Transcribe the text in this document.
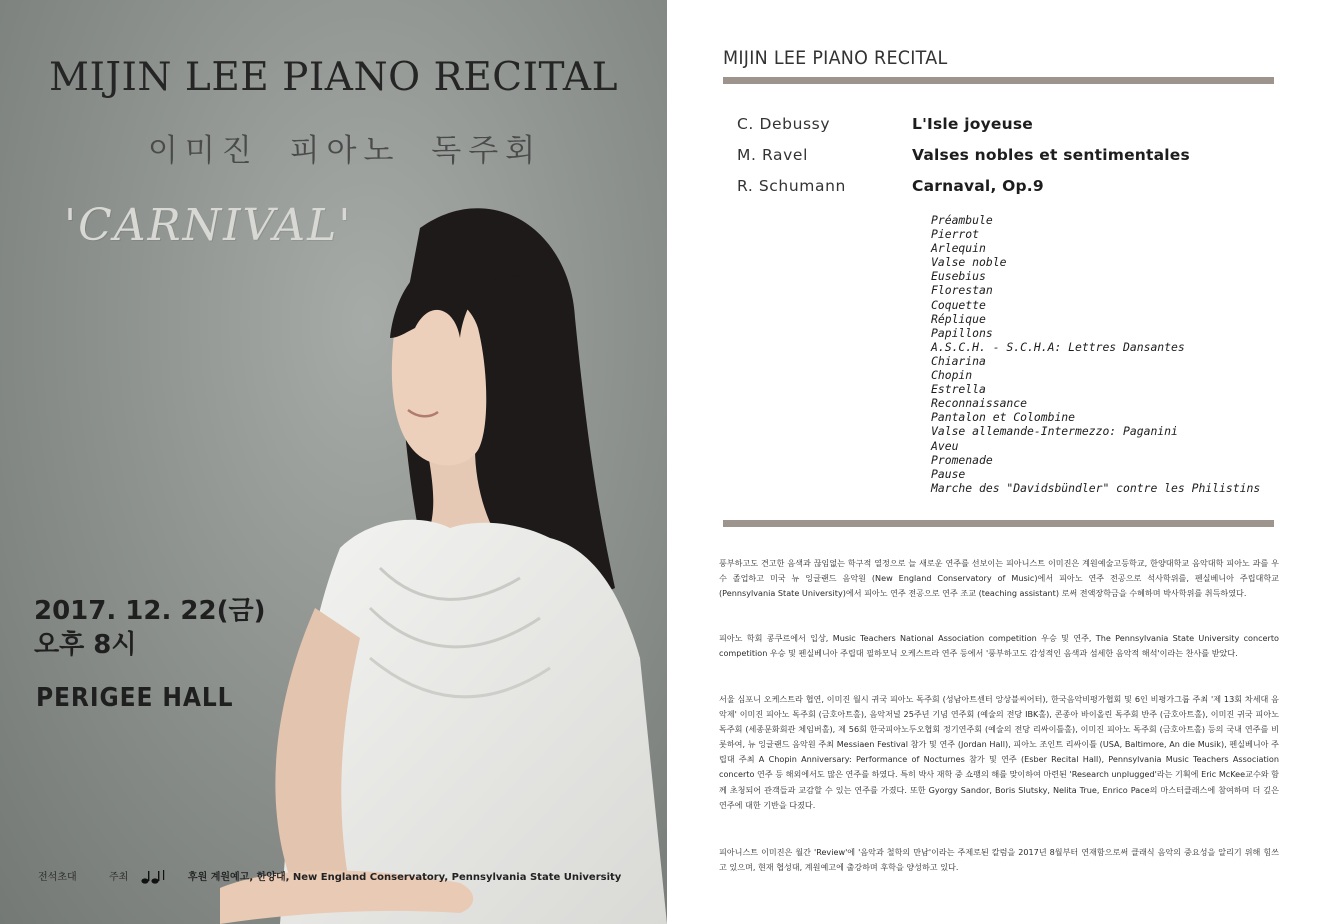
MIJIN LEE PIANO RECITAL
이미진 피아노 독주회
'CARNIVAL'
2017. 12. 22(금)
오후 8시
PERIGEE HALL
전석초대	주최	후원 계원예고, 한양대, New England Conservatory, Pennsylvania State University
MIJIN LEE PIANO RECITAL
C. Debussy	L'Isle joyeuse
M. Ravel	Valses nobles et sentimentales
R. Schumann	Carnaval, Op.9
Préambule
Pierrot
Arlequin
Valse noble
Eusebius
Florestan
Coquette
Réplique
Papillons
A.S.C.H. - S.C.H.A: Lettres Dansantes
Chiarina
Chopin
Estrella
Reconnaissance
Pantalon et Colombine
Valse allemande-Intermezzo: Paganini
Aveu
Promenade
Pause
Marche des "Davidsbündler" contre les Philistins

풍부하고도 견고한 음색과 끊임없는 학구적 열정으로 늘 새로운 연주를 선보이는 피아니스트 이미진은 계원예술고등학교, 한양대학교 음악대학 피아노 과를 우수 졸업하고 미국 뉴 잉글랜드 음악원 (New England Conservatory of Music)에서 피아노 연주 전공으로 석사학위를, 펜실베니아 주립대학교 (Pennsylvania State University)에서 피아노 연주 전공으로 연주 조교 (teaching assistant) 로써 전액장학금을 수혜하며 박사학위를 취득하였다.

피아노 학회 콩쿠르에서 입상, Music Teachers National Association competition 우승 및 연주, The Pennsylvania State University concerto competition 우승 및 펜실베니아 주립대 필하모닉 오케스트라 연주 등에서 '풍부하고도 감성적인 음색과 섬세한 음악적 해석'이라는 찬사를 받았다.

서울 심포니 오케스트라 협연, 이미진 월시 귀국 피아노 독주회 (성남아트센터 앙상블씨어터), 한국음악비평가협회 및 6인 비평가그룹 주최 '제 13회 차세대 음악제' 이미진 피아노 독주회 (금호아트홀), 음악저널 25주년 기념 연주회 (예술의 전당 IBK홀), 콘종아 바이올린 독주회 반주 (금호아트홀), 이미진 귀국 피아노 독주회 (세종문화회관 체임버홀), 제 56회 한국피아노두오협회 정기연주회 (예술의 전당 리싸이틀홀), 이미진 피아노 독주회 (금호아트홀) 등의 국내 연주를 비롯하여, 뉴 잉글랜드 음악원 주최 Messiaen Festival 참가 및 연주 (Jordan Hall), 피아노 조인트 리싸이틀 (USA, Baltimore, An die Musik), 펜실베니아 주립대 주최 A Chopin Anniversary: Performance of Nocturnes 참가 및 연주 (Esber Recital Hall), Pennsylvania Music Teachers Association concerto 연주 등 해외에서도 많은 연주를 하였다. 특히 박사 재학 중 쇼팽의 해를 맞이하여 마련된 'Research unplugged'라는 기획에 Eric McKee교수와 함께 초청되어 관객들과 교감할 수 있는 연주를 가졌다. 또한 Gyorgy Sandor, Boris Slutsky, Nelita True, Enrico Pace의 마스터클래스에 참여하며 더 깊은 연주에 대한 기반을 다졌다.

피아니스트 이미진은 월간 'Review'에 '음악과 철학의 만남'이라는 주제로된 칼럼을 2017년 8월부터 연재함으로써 클래식 음악의 중요성을 알리기 위해 힘쓰고 있으며, 현재 협성대, 계원예고에 출강하며 후학을 양성하고 있다.
